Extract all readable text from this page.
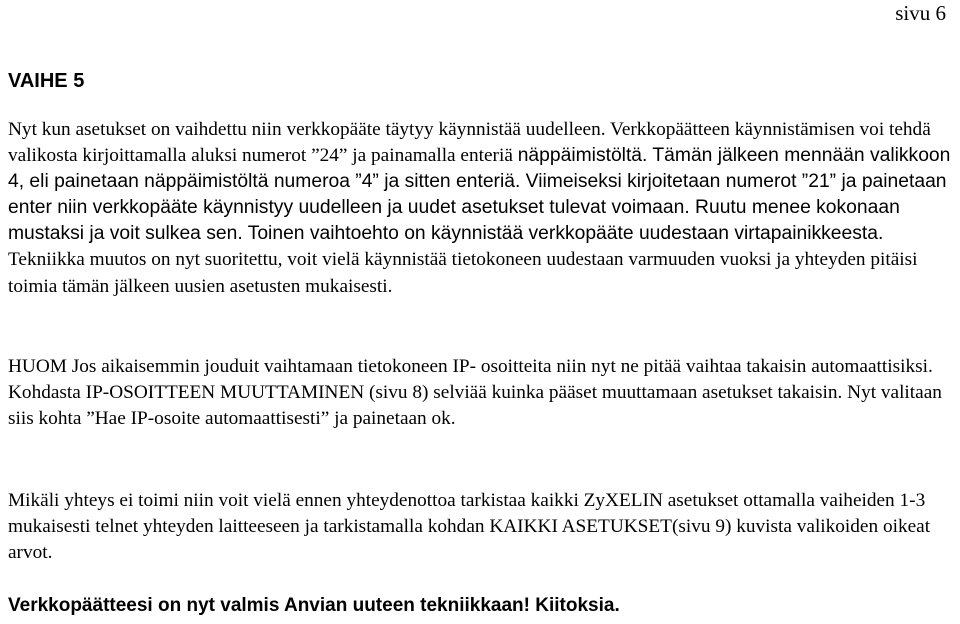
sivu 6
VAIHE 5

Nyt kun asetukset on vaihdettu niin verkkopääte täytyy käynnistää uudelleen. Verkkopäätteen käynnistämisen voi tehdä valikosta kirjoittamalla aluksi numerot ”24” ja painamalla enteriä näppäimistöltä. Tämän jälkeen mennään valikkoon 4, eli painetaan näppäimistöltä numeroa ”4” ja sitten enteriä. Viimeiseksi kirjoitetaan numerot ”21” ja painetaan enter niin verkkopääte käynnistyy uudelleen ja uudet asetukset tulevat voimaan. Ruutu menee kokonaan mustaksi ja voit sulkea sen. Toinen vaihtoehto on käynnistää verkkopääte uudestaan virtapainikkeesta. Tekniikka muutos on nyt suoritettu, voit vielä käynnistää tietokoneen uudestaan varmuuden vuoksi ja yhteyden pitäisi toimia tämän jälkeen uusien asetusten mukaisesti.

HUOM Jos aikaisemmin jouduit vaihtamaan tietokoneen IP- osoitteita niin nyt ne pitää vaihtaa takaisin automaattisiksi. Kohdasta IP-OSOITTEEN MUUTTAMINEN (sivu 8) selviää kuinka pääset muuttamaan asetukset takaisin. Nyt valitaan siis kohta ”Hae IP-osoite automaattisesti” ja painetaan ok.

Mikäli yhteys ei toimi niin voit vielä ennen yhteydenottoa tarkistaa kaikki ZyXELIN asetukset ottamalla vaiheiden 1-3 mukaisesti telnet yhteyden laitteeseen ja tarkistamalla kohdan KAIKKI ASETUKSET(sivu 9) kuvista valikoiden oikeat arvot.

Verkkopäätteesi on nyt valmis Anvian uuteen tekniikkaan! Kiitoksia.
